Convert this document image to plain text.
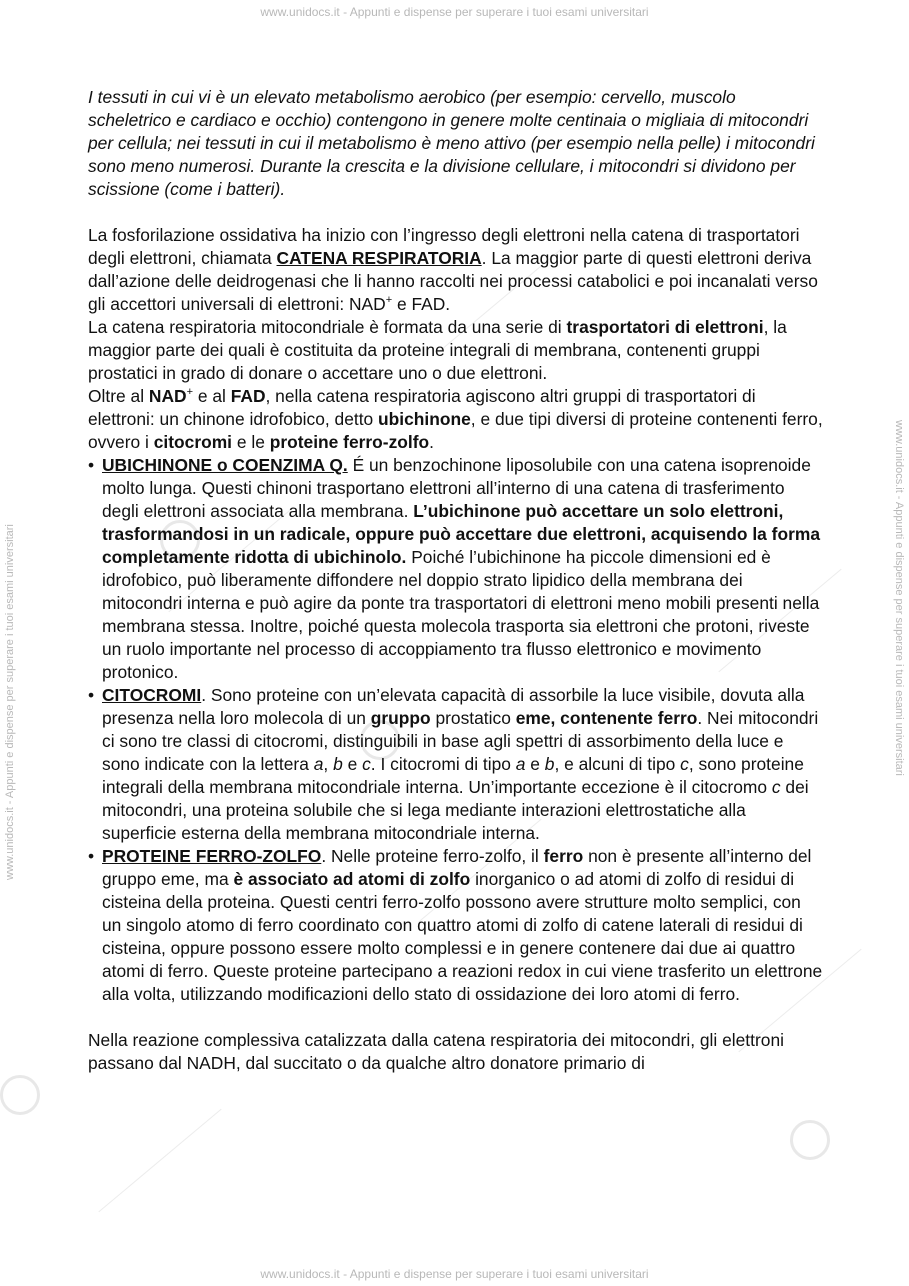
www.unidocs.it - Appunti e dispense per superare i tuoi esami universitari
www.unidocs.it - Appunti e dispense per superare i tuoi esami universitari
www.unidocs.it - Appunti e dispense per superare i tuoi esami universitari	www.unidocs.it - Appunti e dispense per superare i tuoi esami universitari

I tessuti in cui vi è un elevato metabolismo aerobico (per esempio: cervello, muscolo scheletrico e cardiaco e occhio) contengono in genere molte centinaia o migliaia di mitocondri per cellula; nei tessuti in cui il metabolismo è meno attivo (per esempio nella pelle) i mitocondri sono meno numerosi. Durante la crescita e la divisione cellulare, i mitocondri si dividono per scissione (come i batteri).

La fosforilazione ossidativa ha inizio con l’ingresso degli elettroni nella catena di trasportatori degli elettroni, chiamata CATENA RESPIRATORIA. La maggior parte di questi elettroni deriva dall’azione delle deidrogenasi che li hanno raccolti nei processi catabolici e poi incanalati verso gli accettori universali di elettroni: NAD+ e FAD.

La catena respiratoria mitocondriale è formata da una serie di trasportatori di elettroni, la maggior parte dei quali è costituita da proteine integrali di membrana, contenenti gruppi prostatici in grado di donare o accettare uno o due elettroni.

Oltre al NAD+ e al FAD, nella catena respiratoria agiscono altri gruppi di trasportatori di elettroni: un chinone idrofobico, detto ubichinone, e due tipi diversi di proteine contenenti ferro, ovvero i citocromi e le proteine ferro-zolfo.

• UBICHINONE o COENZIMA Q. É un benzochinone liposolubile con una catena isoprenoide molto lunga. Questi chinoni trasportano elettroni all’interno di una catena di trasferimento degli elettroni associata alla membrana. L’ubichinone può accettare un solo elettroni, trasformandosi in un radicale, oppure può accettare due elettroni, acquisendo la forma completamente ridotta di ubichinolo. Poiché l’ubichinone ha piccole dimensioni ed è idrofobico, può liberamente diffondere nel doppio strato lipidico della membrana dei mitocondri interna e può agire da ponte tra trasportatori di elettroni meno mobili presenti nella membrana stessa. Inoltre, poiché questa molecola trasporta sia elettroni che protoni, riveste un ruolo importante nel processo di accoppiamento tra flusso elettronico e movimento protonico.
• CITOCROMI. Sono proteine con un’elevata capacità di assorbile la luce visibile, dovuta alla presenza nella loro molecola di un gruppo prostatico eme, contenente ferro. Nei mitocondri ci sono tre classi di citocromi, distinguibili in base agli spettri di assorbimento della luce e sono indicate con la lettera a, b e c. I citocromi di tipo a e b, e alcuni di tipo c, sono proteine integrali della membrana mitocondriale interna. Un’importante eccezione è il citocromo c dei mitocondri, una proteina solubile che si lega mediante interazioni elettrostatiche alla superficie esterna della membrana mitocondriale interna.
• PROTEINE FERRO-ZOLFO. Nelle proteine ferro-zolfo, il ferro non è presente all’interno del gruppo eme, ma è associato ad atomi di zolfo inorganico o ad atomi di zolfo di residui di cisteina della proteina. Questi centri ferro-zolfo possono avere strutture molto semplici, con un singolo atomo di ferro coordinato con quattro atomi di zolfo di catene laterali di residui di cisteina, oppure possono essere molto complessi e in genere contenere dai due ai quattro atomi di ferro. Queste proteine partecipano a reazioni redox in cui viene trasferito un elettrone alla volta, utilizzando modificazioni dello stato di ossidazione dei loro atomi di ferro.

Nella reazione complessiva catalizzata dalla catena respiratoria dei mitocondri, gli elettroni passano dal NADH, dal succitato o da qualche altro donatore primario di
